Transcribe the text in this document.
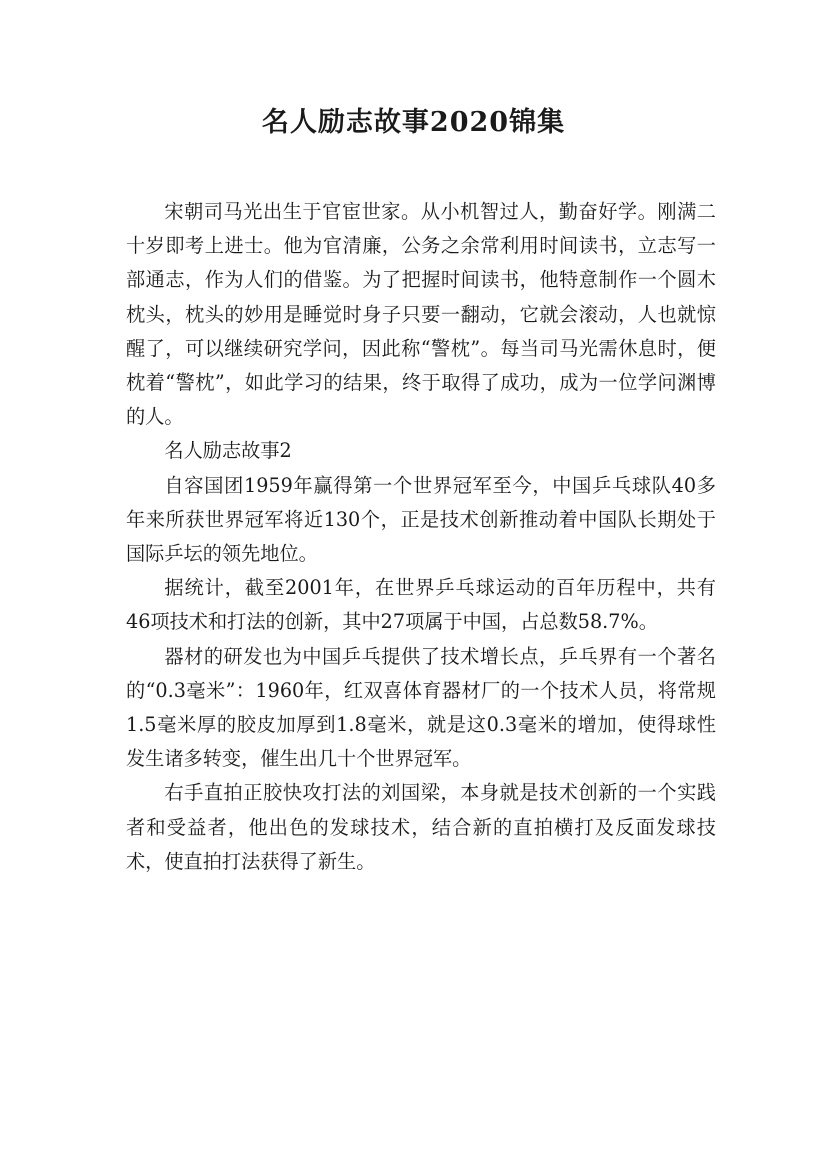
名人励志故事2020锦集

宋朝司马光出生于官宦世家。从小机智过人，勤奋好学。刚满二十岁即考上进士。他为官清廉，公务之余常利用时间读书，立志写一部通志，作为人们的借鉴。为了把握时间读书，他特意制作一个圆木枕头，枕头的妙用是睡觉时身子只要一翻动，它就会滚动，人也就惊醒了，可以继续研究学问，因此称“警枕”。每当司马光需休息时，便枕着“警枕”，如此学习的结果，终于取得了成功，成为一位学问渊博的人。

名人励志故事2

自容国团1959年赢得第一个世界冠军至今，中国乒乓球队40多年来所获世界冠军将近130个，正是技术创新推动着中国队长期处于国际乒坛的领先地位。

据统计，截至2001年，在世界乒乓球运动的百年历程中，共有46项技术和打法的创新，其中27项属于中国，占总数58.7%。

器材的研发也为中国乒乓提供了技术增长点，乒乓界有一个著名的“0.3毫米”：1960年，红双喜体育器材厂的一个技术人员，将常规1.5毫米厚的胶皮加厚到1.8毫米，就是这0.3毫米的增加，使得球性发生诸多转变，催生出几十个世界冠军。

右手直拍正胶快攻打法的刘国梁，本身就是技术创新的一个实践者和受益者，他出色的发球技术，结合新的直拍横打及反面发球技术，使直拍打法获得了新生。
